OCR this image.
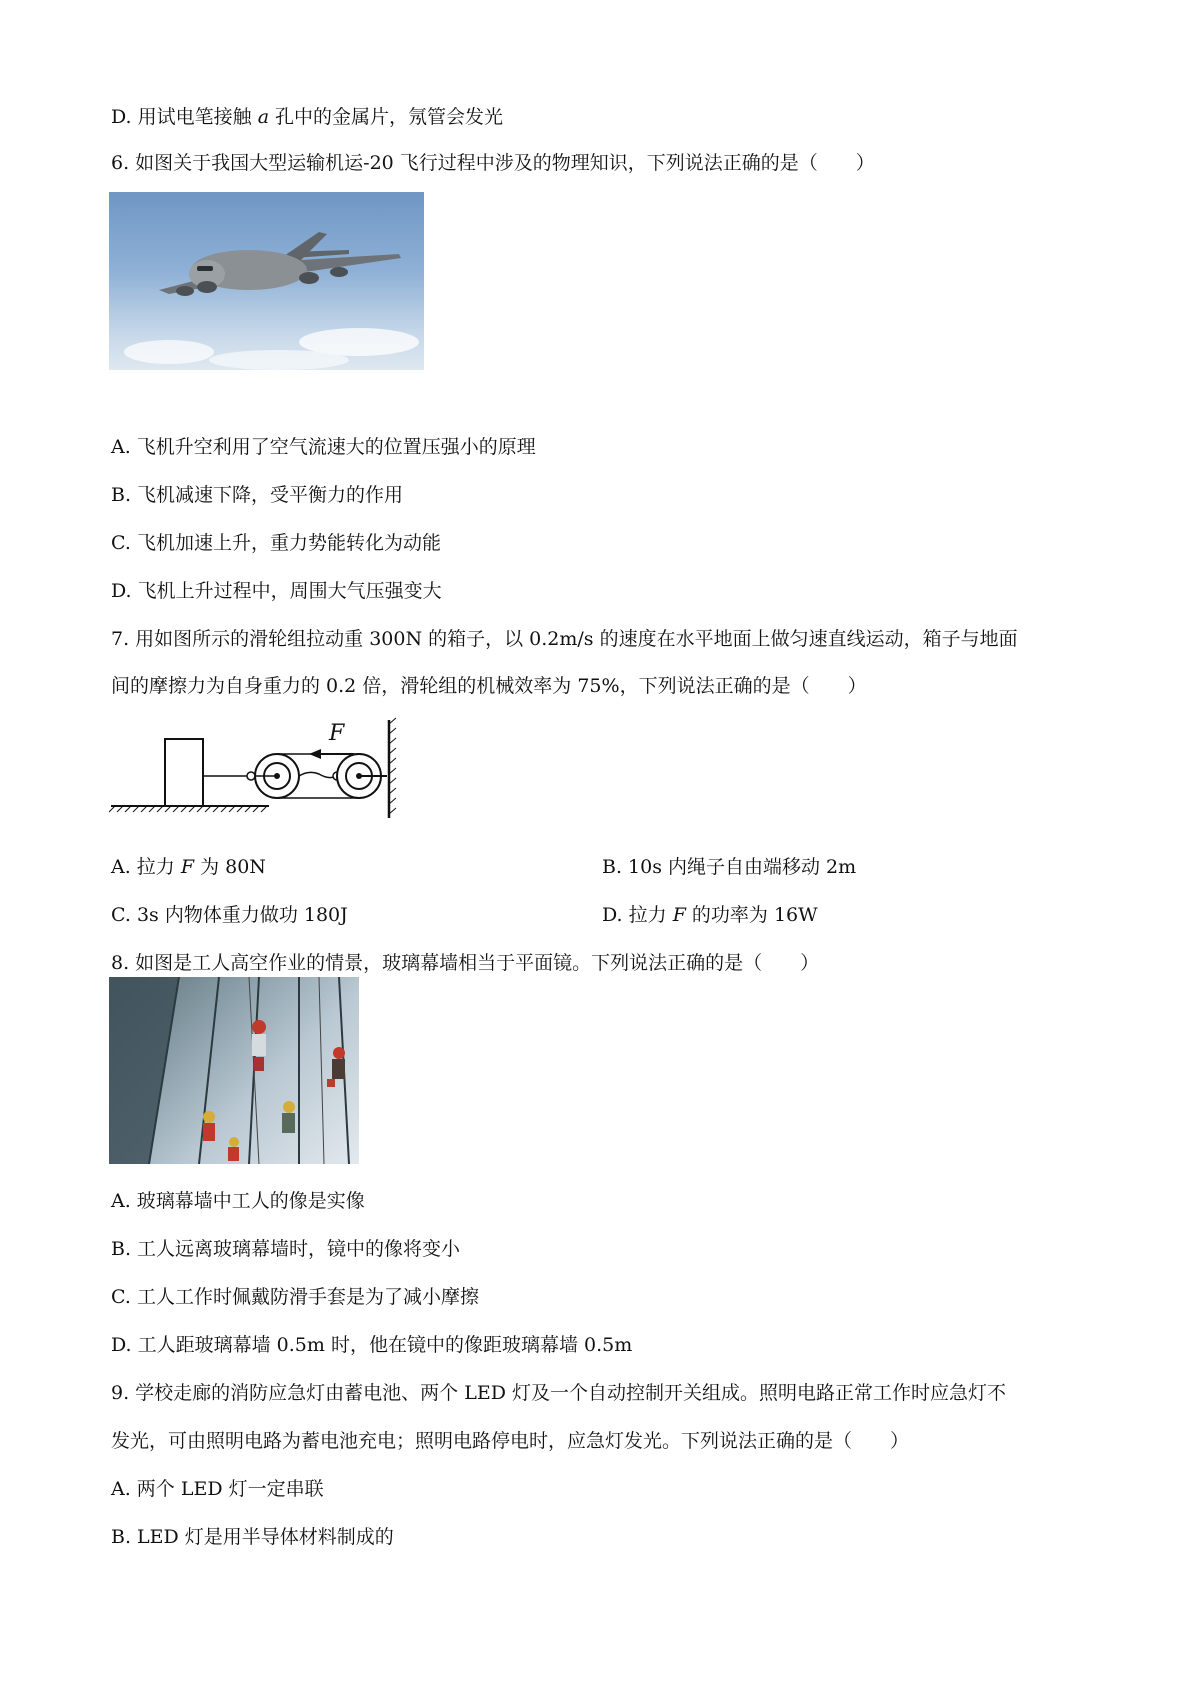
D. 用试电笔接触 a 孔中的金属片，氖管会发光
6. 如图关于我国大型运输机运-20 飞行过程中涉及的物理知识，下列说法正确的是（　　）
A. 飞机升空利用了空气流速大的位置压强小的原理
B. 飞机减速下降，受平衡力的作用
C. 飞机加速上升，重力势能转化为动能
D. 飞机上升过程中，周围大气压强变大
7. 用如图所示的滑轮组拉动重 300N 的箱子，以 0.2m/s 的速度在水平地面上做匀速直线运动，箱子与地面
间的摩擦力为自身重力的 0.2 倍，滑轮组的机械效率为 75%，下列说法正确的是（　　）
F
A. 拉力 F 为 80N	B. 10s 内绳子自由端移动 2m
C. 3s 内物体重力做功 180J	D. 拉力 F 的功率为 16W
8. 如图是工人高空作业的情景，玻璃幕墙相当于平面镜。下列说法正确的是（　　）
A. 玻璃幕墙中工人的像是实像
B. 工人远离玻璃幕墙时，镜中的像将变小
C. 工人工作时佩戴防滑手套是为了减小摩擦
D. 工人距玻璃幕墙 0.5m 时，他在镜中的像距玻璃幕墙 0.5m
9. 学校走廊的消防应急灯由蓄电池、两个 LED 灯及一个自动控制开关组成。照明电路正常工作时应急灯不
发光，可由照明电路为蓄电池充电；照明电路停电时，应急灯发光。下列说法正确的是（　　）
A. 两个 LED 灯一定串联
B. LED 灯是用半导体材料制成的
